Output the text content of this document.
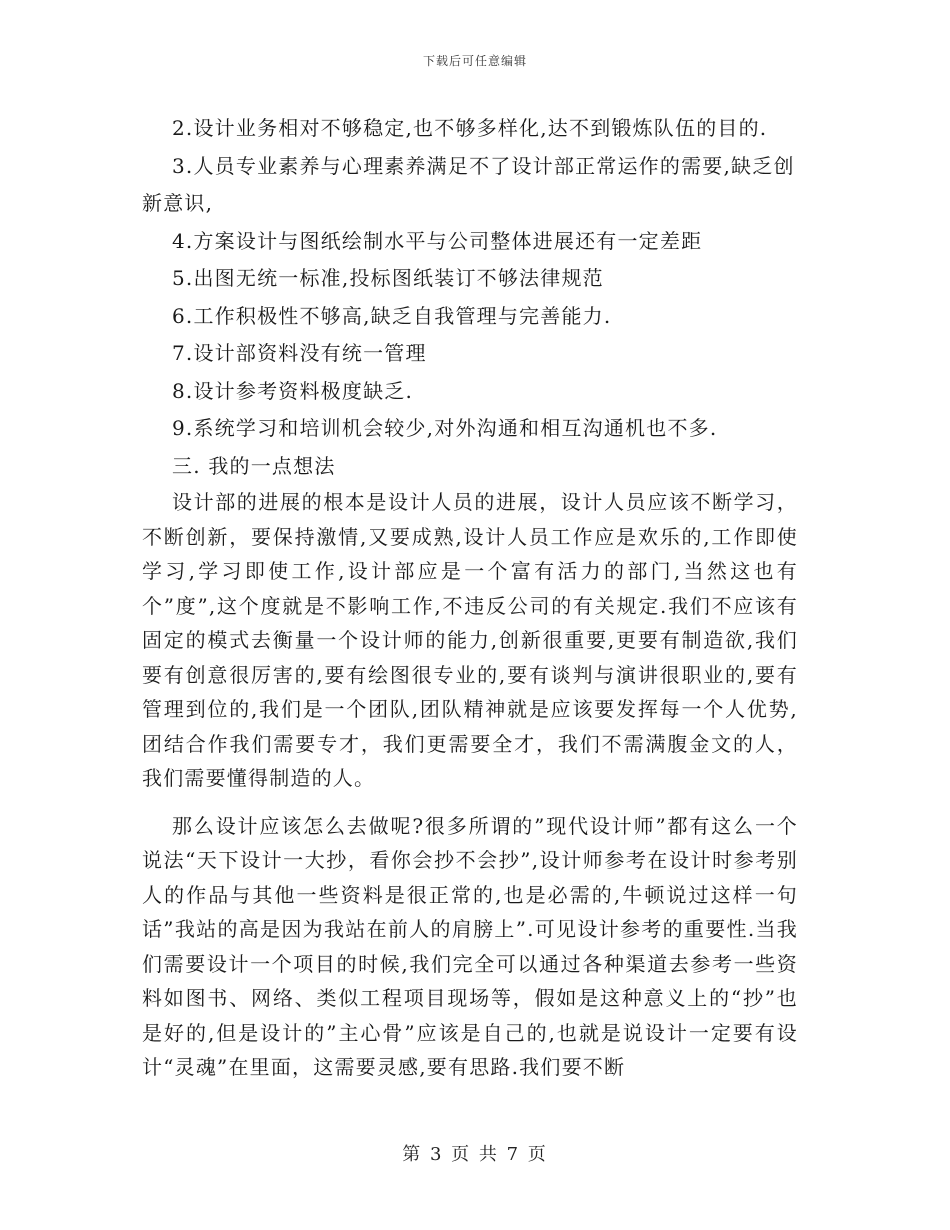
下载后可任意编辑

2.设计业务相对不够稳定,也不够多样化,达不到锻炼队伍的目的.

3.人员专业素养与心理素养满足不了设计部正常运作的需要,缺乏创新意识,

4.方案设计与图纸绘制水平与公司整体进展还有一定差距

5.出图无统一标准,投标图纸装订不够法律规范

6.工作积极性不够高,缺乏自我管理与完善能力.

7.设计部资料没有统一管理

8.设计参考资料极度缺乏.

9.系统学习和培训机会较少,对外沟通和相互沟通机也不多.

三. 我的一点想法

设计部的进展的根本是设计人员的进展，设计人员应该不断学习，不断创新，要保持激情,又要成熟,设计人员工作应是欢乐的,工作即使学习,学习即使工作,设计部应是一个富有活力的部门,当然这也有个”度”,这个度就是不影响工作,不违反公司的有关规定.我们不应该有固定的模式去衡量一个设计师的能力,创新很重要,更要有制造欲,我们要有创意很厉害的,要有绘图很专业的,要有谈判与演讲很职业的,要有管理到位的,我们是一个团队,团队精神就是应该要发挥每一个人优势,团结合作我们需要专才，我们更需要全才，我们不需满腹金文的人，我们需要懂得制造的人。

那么设计应该怎么去做呢?很多所谓的”现代设计师”都有这么一个说法“天下设计一大抄，看你会抄不会抄”,设计师参考在设计时参考别人的作品与其他一些资料是很正常的,也是必需的,牛顿说过这样一句话”我站的高是因为我站在前人的肩膀上”.可见设计参考的重要性.当我们需要设计一个项目的时候,我们完全可以通过各种渠道去参考一些资料如图书、网络、类似工程项目现场等，假如是这种意义上的“抄”也是好的,但是设计的”主心骨”应该是自己的,也就是说设计一定要有设计“灵魂”在里面，这需要灵感,要有思路.我们要不断

第 3 页 共 7 页
